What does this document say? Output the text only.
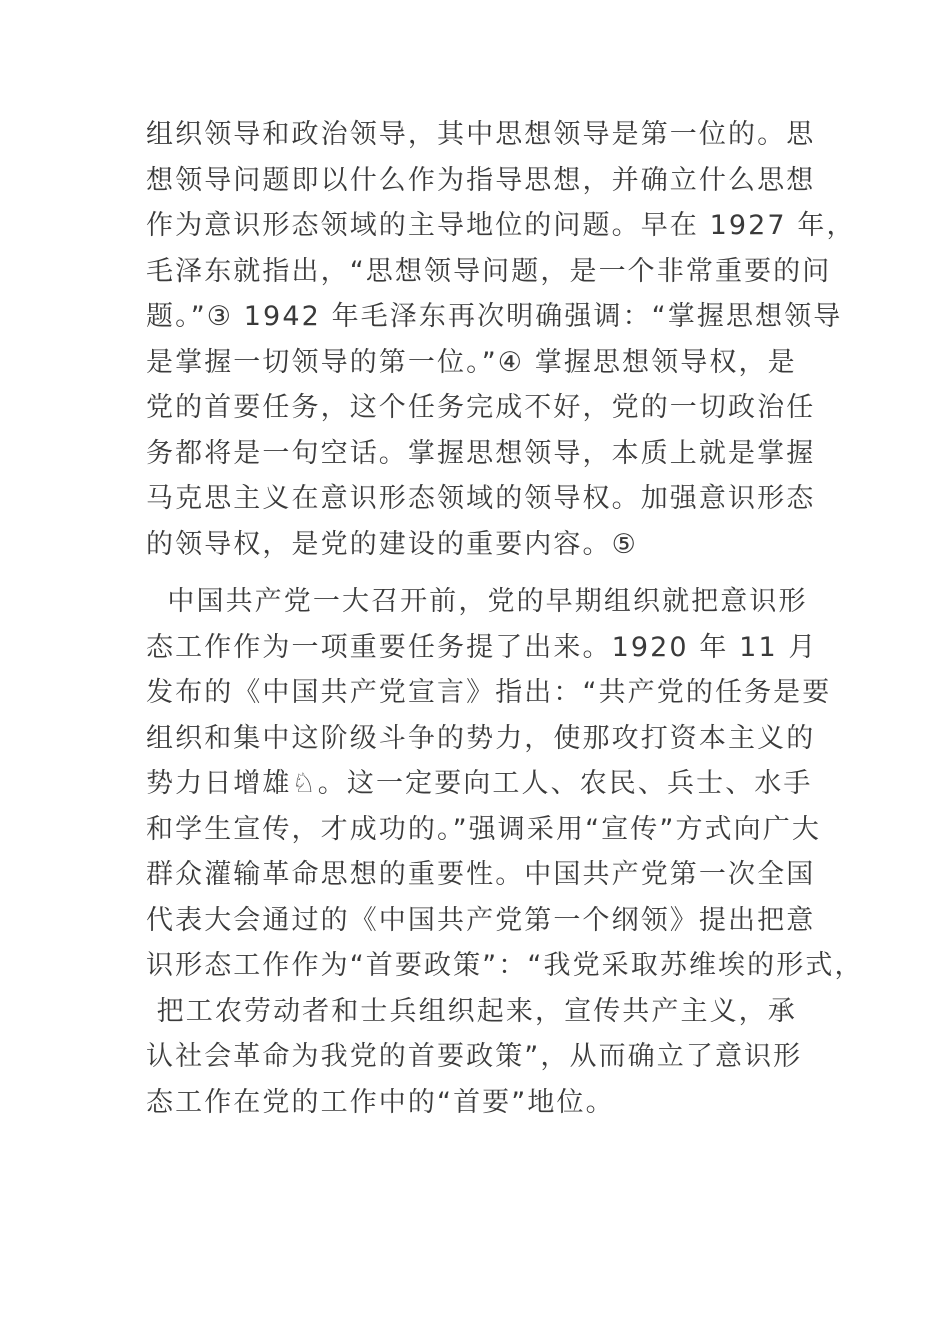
组织领导和政治领导，其中思想领导是第一位的。思
想领导问题即以什么作为指导思想，并确立什么思想
作为意识形态领域的主导地位的问题。早在 1927 年，
毛泽东就指出，“思想领导问题，是一个非常重要的问
题。”③ 1942 年毛泽东再次明确强调：“掌握思想领导
是掌握一切领导的第一位。”④ 掌握思想领导权，是
党的首要任务，这个任务完成不好，党的一切政治任
务都将是一句空话。掌握思想领导，本质上就是掌握
马克思主义在意识形态领域的领导权。加强意识形态
的领导权，是党的建设的重要内容。⑤
中国共产党一大召开前，党的早期组织就把意识形
态工作作为一项重要任务提了出来。1920 年 11 月
发布的《中国共产党宣言》指出：“共产党的任务是要
组织和集中这阶级斗争的势力，使那攻打资本主义的
势力日增雄♘。这一定要向工人、农民、兵士、水手
和学生宣传，才成功的。”强调采用“宣传”方式向广大
群众灌输革命思想的重要性。中国共产党第一次全国
代表大会通过的《中国共产党第一个纲领》提出把意
识形态工作作为“首要政策”：“我党采取苏维埃的形式，
把工农劳动者和士兵组织起来，宣传共产主义，承
认社会革命为我党的首要政策”，从而确立了意识形
态工作在党的工作中的“首要”地位。
